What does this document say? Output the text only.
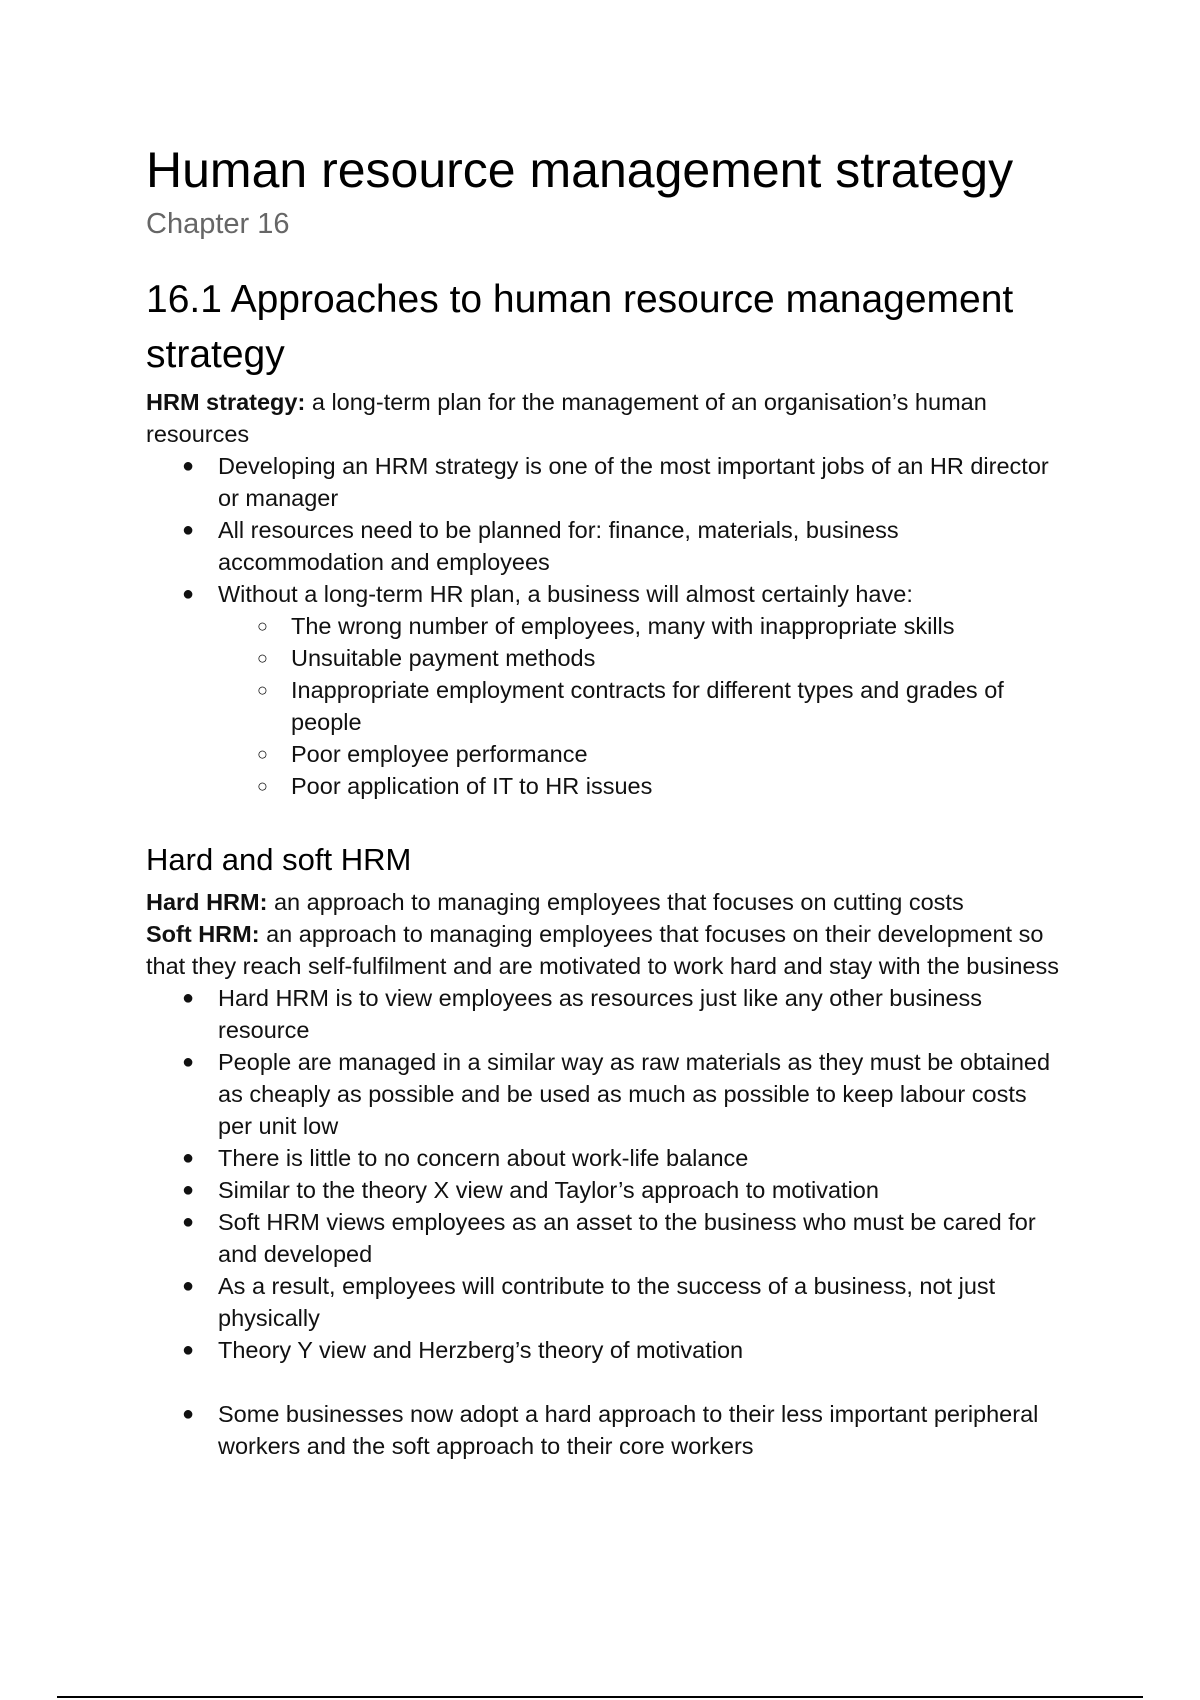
Human resource management strategy
Chapter 16
16.1 Approaches to human resource management strategy

HRM strategy: a long-term plan for the management of an organisation’s human resources

● Developing an HRM strategy is one of the most important jobs of an HR director or manager
● All resources need to be planned for: finance, materials, business accommodation and employees
● Without a long-term HR plan, a business will almost certainly have:
○ The wrong number of employees, many with inappropriate skills
○ Unsuitable payment methods
○ Inappropriate employment contracts for different types and grades of people
○ Poor employee performance
○ Poor application of IT to HR issues
Hard and soft HRM

Hard HRM: an approach to managing employees that focuses on cutting costs

Soft HRM: an approach to managing employees that focuses on their development so that they reach self-fulfilment and are motivated to work hard and stay with the business

● Hard HRM is to view employees as resources just like any other business resource
● People are managed in a similar way as raw materials as they must be obtained as cheaply as possible and be used as much as possible to keep labour costs per unit low
● There is little to no concern about work-life balance
● Similar to the theory X view and Taylor’s approach to motivation
● Soft HRM views employees as an asset to the business who must be cared for and developed
● As a result, employees will contribute to the success of a business, not just physically
● Theory Y view and Herzberg’s theory of motivation
● Some businesses now adopt a hard approach to their less important peripheral workers and the soft approach to their core workers
